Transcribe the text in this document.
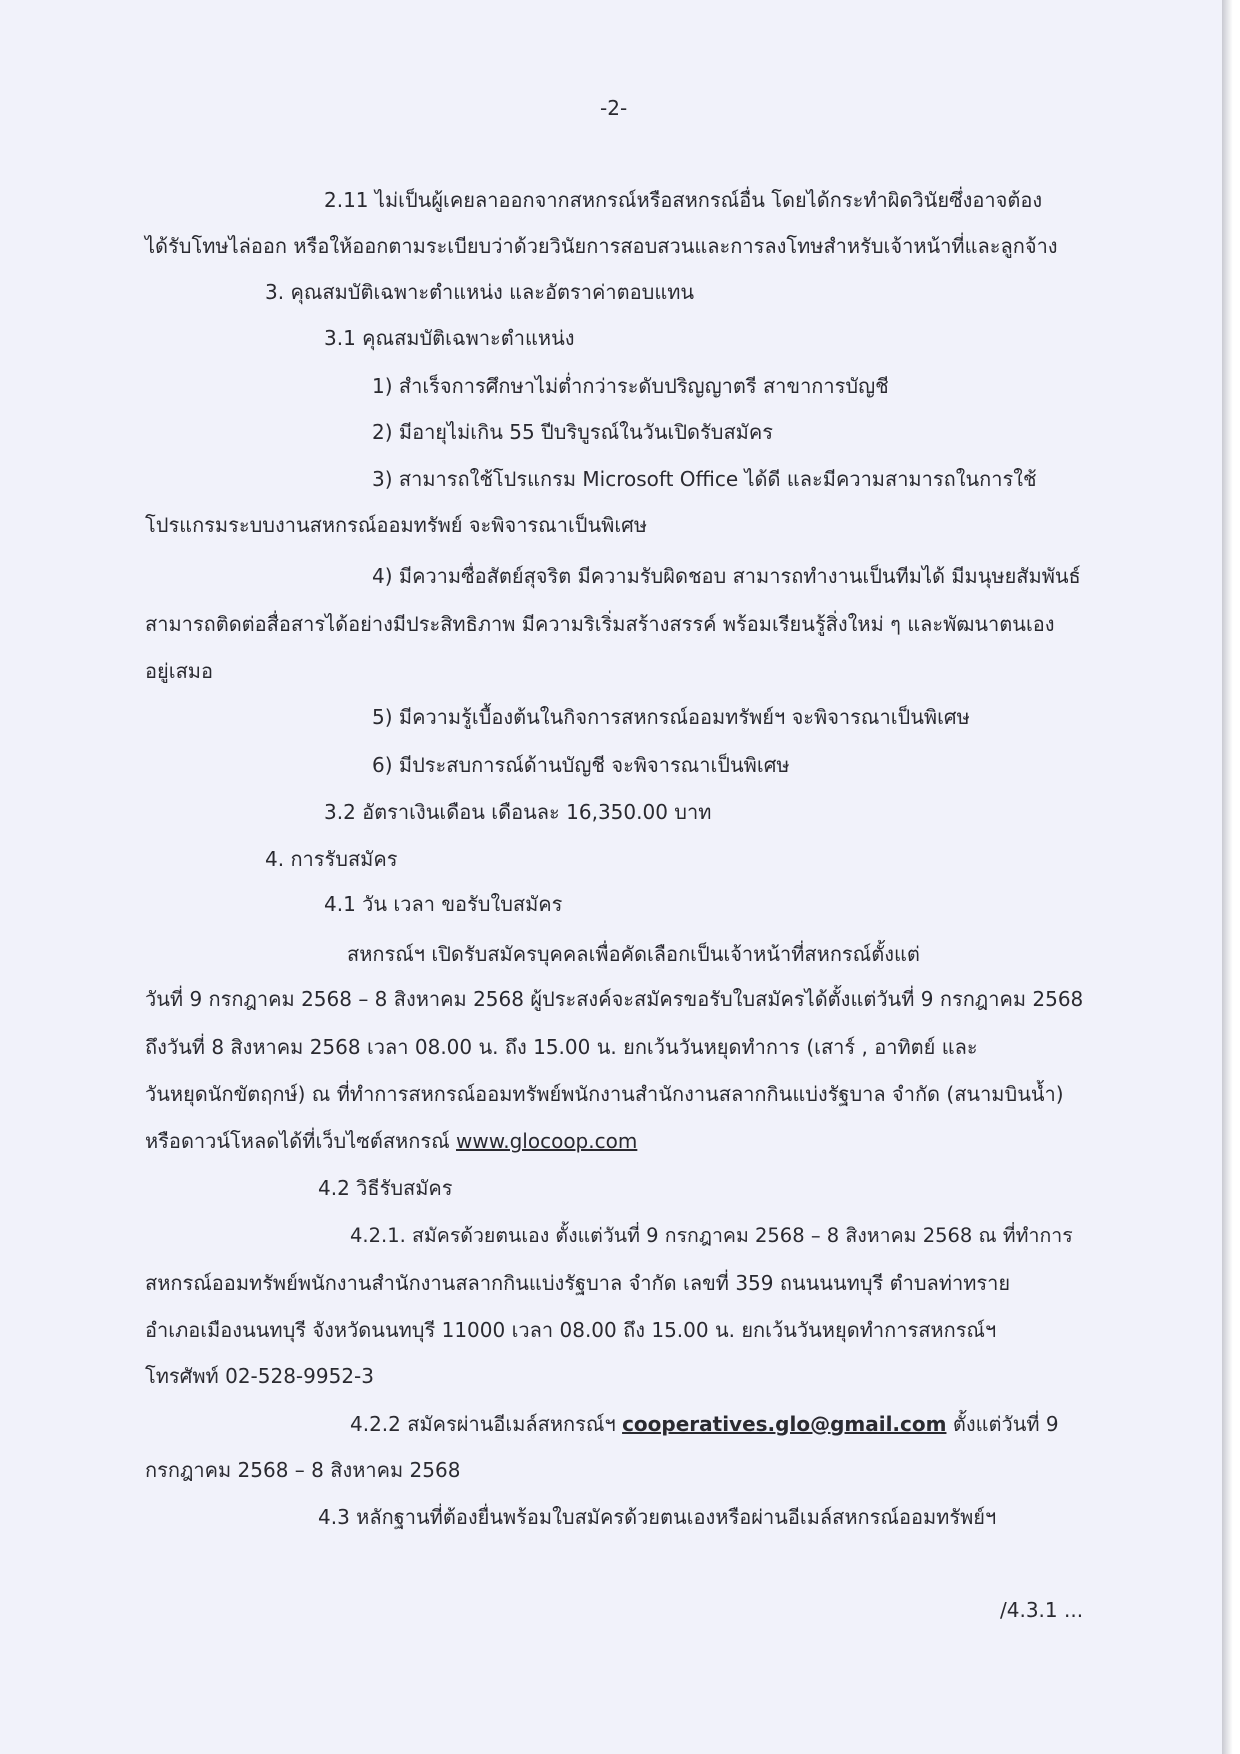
-2-

2.11 ไม่เป็นผู้เคยลาออกจากสหกรณ์หรือสหกรณ์อื่น โดยได้กระทำผิดวินัยซึ่งอาจต้อง

ได้รับโทษไล่ออก หรือให้ออกตามระเบียบว่าด้วยวินัยการสอบสวนและการลงโทษสำหรับเจ้าหน้าที่และลูกจ้าง

3. คุณสมบัติเฉพาะตำแหน่ง และอัตราค่าตอบแทน

3.1 คุณสมบัติเฉพาะตำแหน่ง

1) สำเร็จการศึกษาไม่ต่ำกว่าระดับปริญญาตรี สาขาการบัญชี

2) มีอายุไม่เกิน 55 ปีบริบูรณ์ในวันเปิดรับสมัคร

3) สามารถใช้โปรแกรม Microsoft Office ได้ดี และมีความสามารถในการใช้

โปรแกรมระบบงานสหกรณ์ออมทรัพย์ จะพิจารณาเป็นพิเศษ

4) มีความซื่อสัตย์สุจริต มีความรับผิดชอบ สามารถทำงานเป็นทีมได้ มีมนุษยสัมพันธ์

สามารถติดต่อสื่อสารได้อย่างมีประสิทธิภาพ มีความริเริ่มสร้างสรรค์ พร้อมเรียนรู้สิ่งใหม่ ๆ และพัฒนาตนเอง

อยู่เสมอ

5) มีความรู้เบื้องต้นในกิจการสหกรณ์ออมทรัพย์ฯ จะพิจารณาเป็นพิเศษ

6) มีประสบการณ์ด้านบัญชี จะพิจารณาเป็นพิเศษ

3.2 อัตราเงินเดือน เดือนละ 16,350.00 บาท

4. การรับสมัคร

4.1 วัน เวลา ขอรับใบสมัคร

สหกรณ์ฯ เปิดรับสมัครบุคคลเพื่อคัดเลือกเป็นเจ้าหน้าที่สหกรณ์ตั้งแต่

วันที่ 9 กรกฎาคม 2568 – 8 สิงหาคม 2568 ผู้ประสงค์จะสมัครขอรับใบสมัครได้ตั้งแต่วันที่ 9 กรกฎาคม 2568

ถึงวันที่ 8 สิงหาคม 2568 เวลา 08.00 น. ถึง 15.00 น. ยกเว้นวันหยุดทำการ (เสาร์ , อาทิตย์ และ

วันหยุดนักขัตฤกษ์) ณ ที่ทำการสหกรณ์ออมทรัพย์พนักงานสำนักงานสลากกินแบ่งรัฐบาล จำกัด (สนามบินน้ำ)

หรือดาวน์โหลดได้ที่เว็บไซต์สหกรณ์ www.glocoop.com

4.2 วิธีรับสมัคร

4.2.1. สมัครด้วยตนเอง ตั้งแต่วันที่ 9 กรกฎาคม 2568 – 8 สิงหาคม 2568 ณ ที่ทำการ

สหกรณ์ออมทรัพย์พนักงานสำนักงานสลากกินแบ่งรัฐบาล จำกัด เลขที่ 359 ถนนนนทบุรี ตำบลท่าทราย

อำเภอเมืองนนทบุรี จังหวัดนนทบุรี 11000 เวลา 08.00 ถึง 15.00 น. ยกเว้นวันหยุดทำการสหกรณ์ฯ

โทรศัพท์ 02-528-9952-3

4.2.2 สมัครผ่านอีเมล์สหกรณ์ฯ cooperatives.glo@gmail.com ตั้งแต่วันที่ 9

กรกฎาคม 2568 – 8 สิงหาคม 2568

4.3 หลักฐานที่ต้องยื่นพร้อมใบสมัครด้วยตนเองหรือผ่านอีเมล์สหกรณ์ออมทรัพย์ฯ

/4.3.1 ...
